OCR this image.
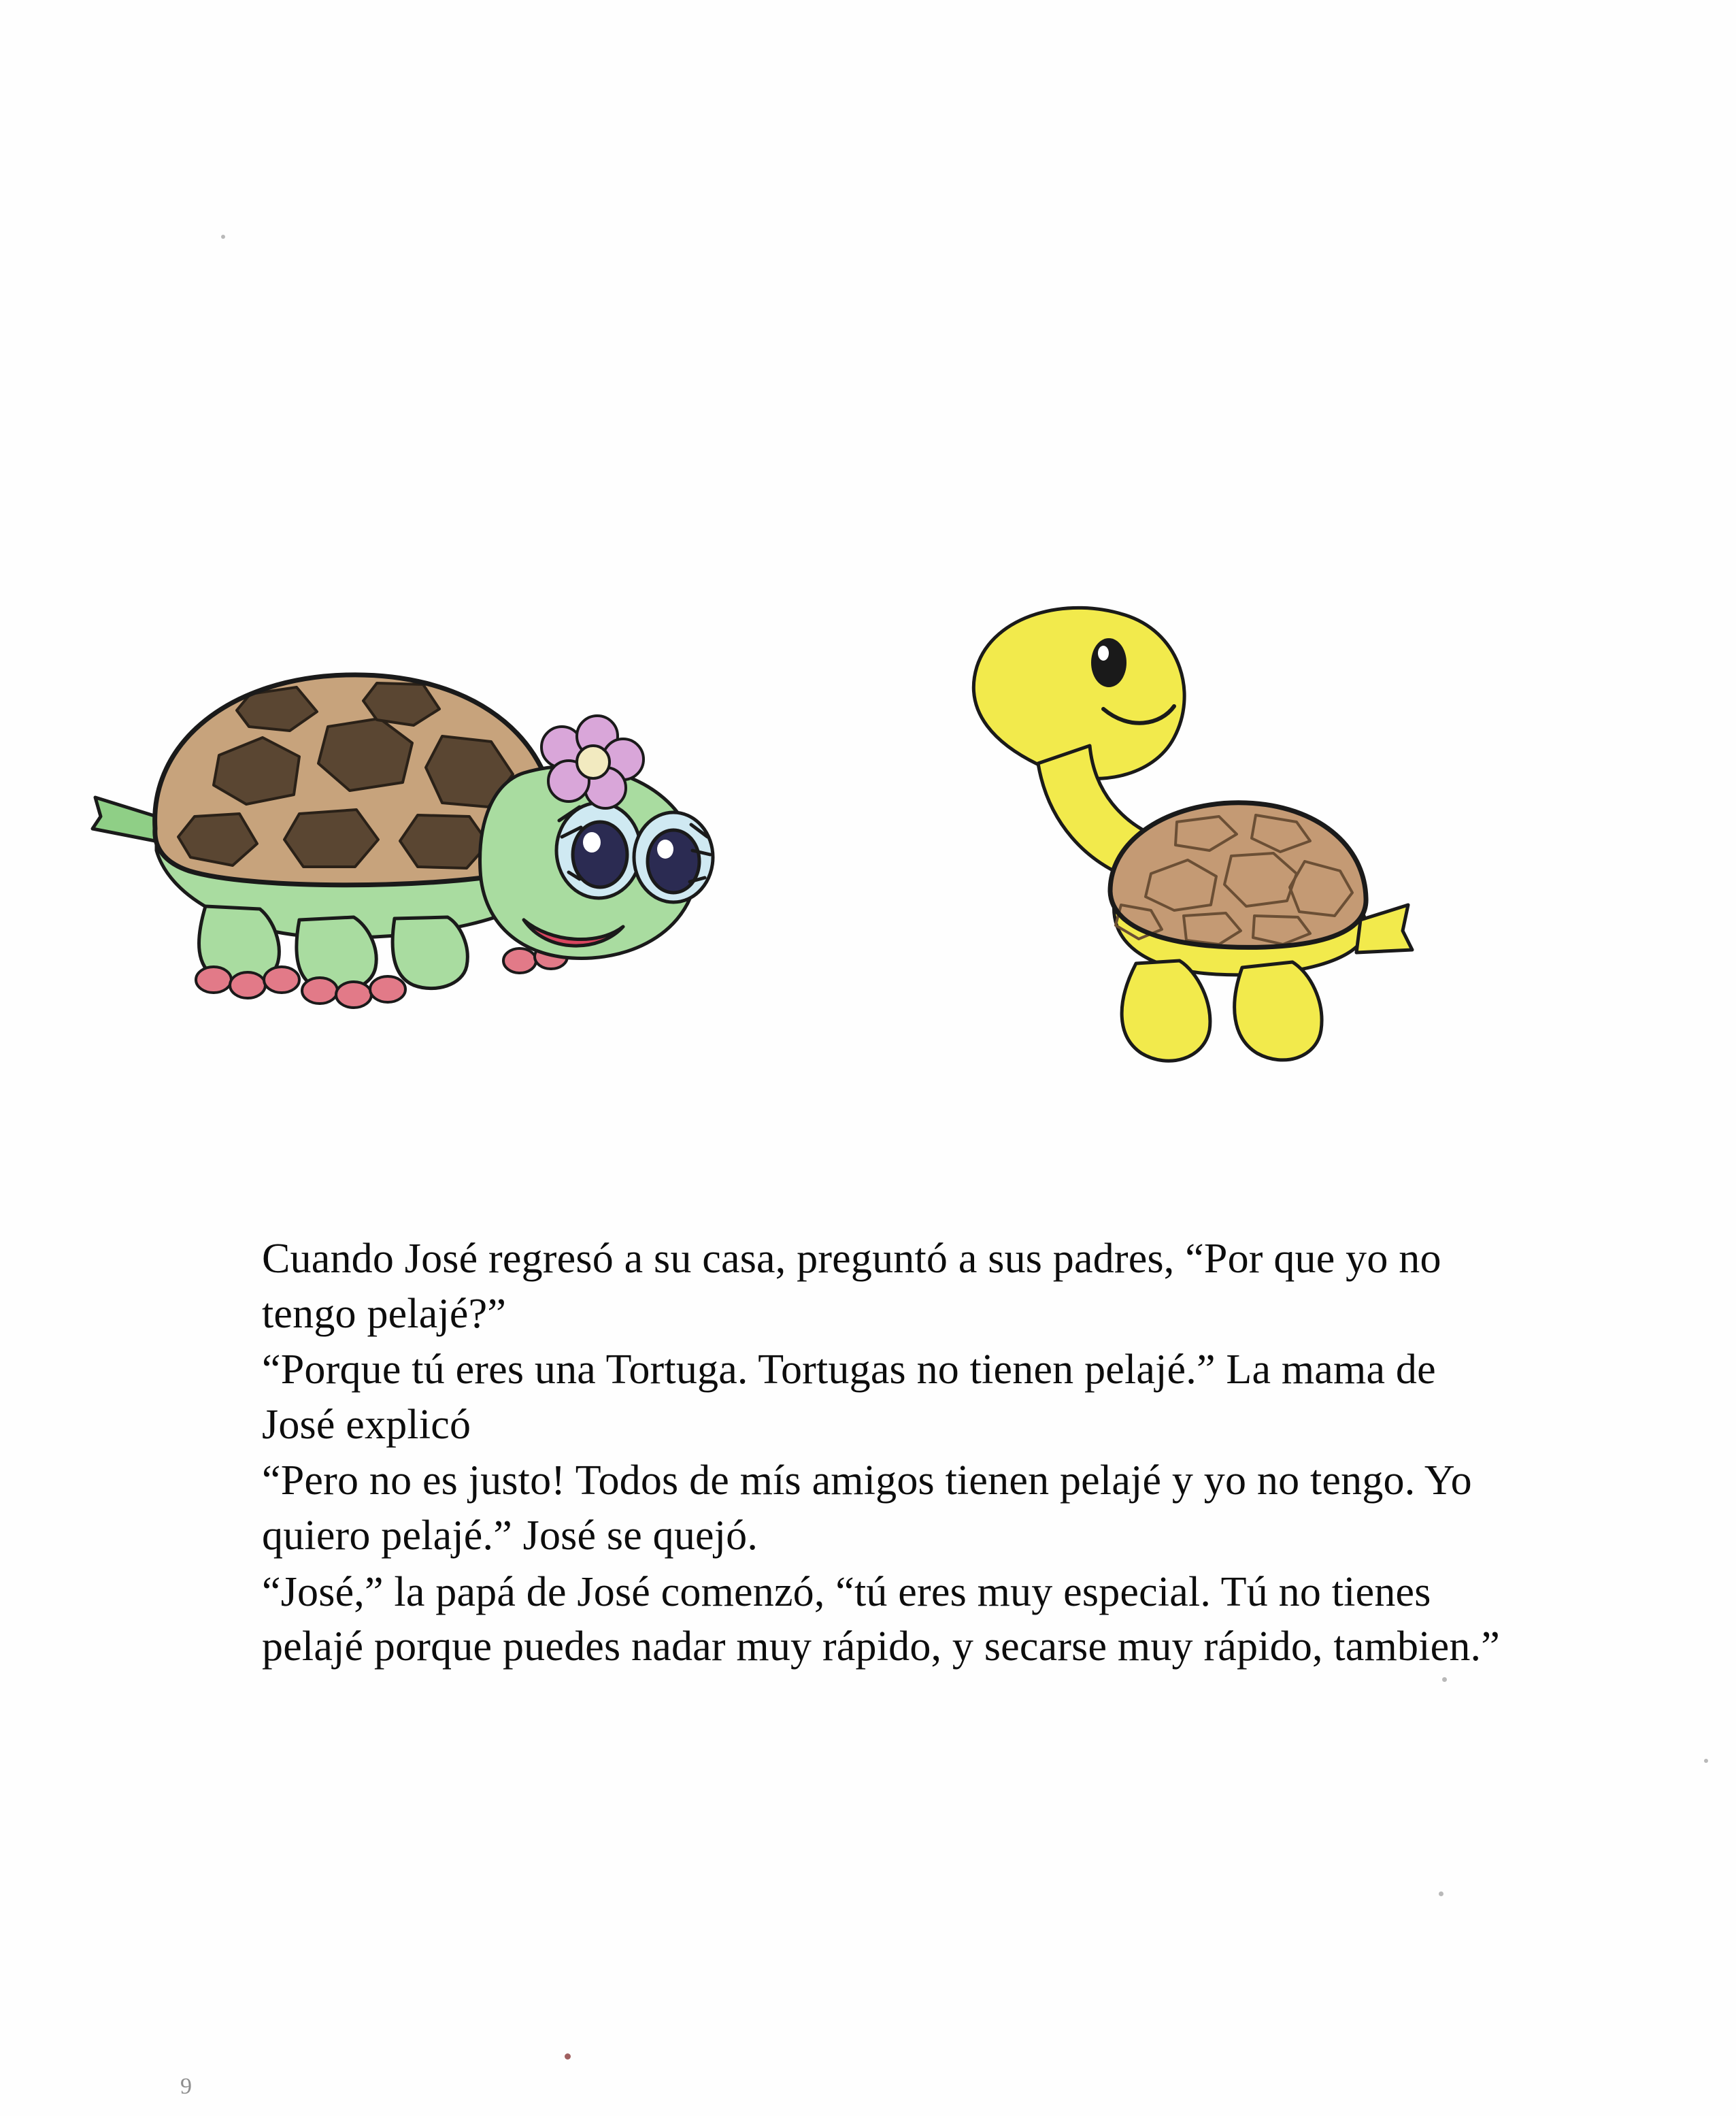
Cuando José regresó a su casa, preguntó a sus padres, “Por que yo no tengo pelajé?”

“Porque tú eres una Tortuga. Tortugas no tienen pelajé.” La mama de José explicó

“Pero no es justo! Todos de mís amigos tienen pelajé y yo no tengo. Yo quiero pelajé.” José se quejó.

“José,” la papá de José comenzó, “tú eres muy especial. Tú no tienes pelajé porque puedes nadar muy rápido, y secarse muy rápido, tambien.”

9
